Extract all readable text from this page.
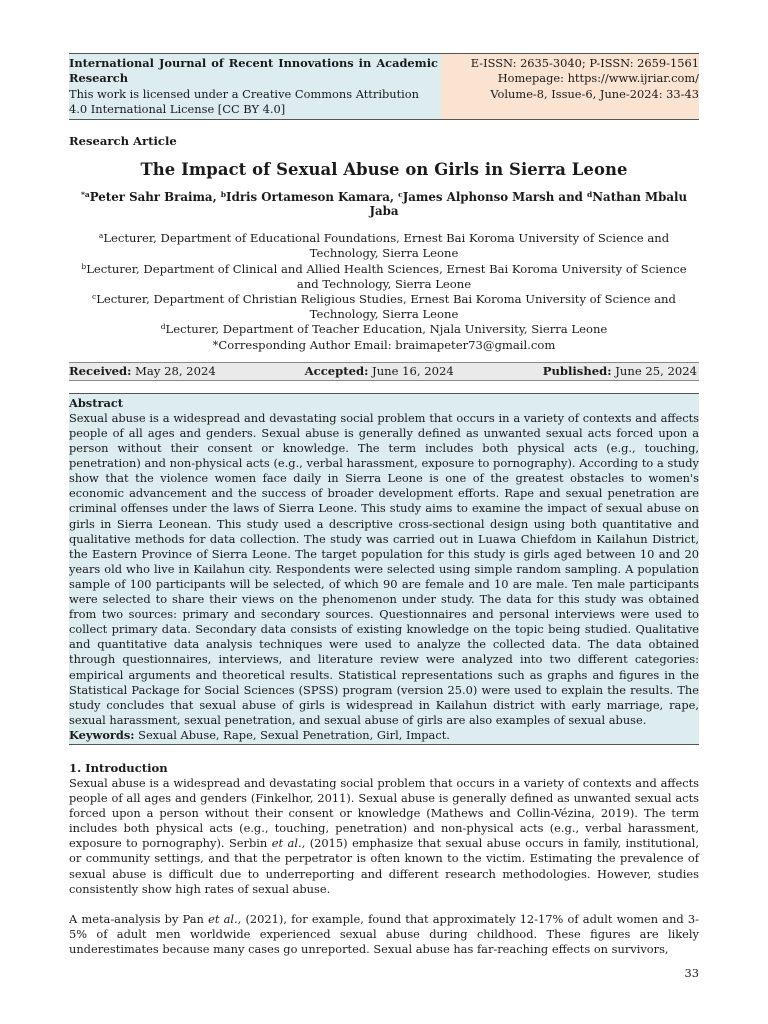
International Journal of Recent Innovations in Academic Research
This work is licensed under a Creative Commons Attribution 4.0 International License [CC BY 4.0]
E-ISSN: 2635-3040; P-ISSN: 2659-1561
Homepage: https://www.ijriar.com/
Volume-8, Issue-6, June-2024: 33-43
Research Article
The Impact of Sexual Abuse on Girls in Sierra Leone
$^{*a}$Peter Sahr Braima, $^b$Idris Ortameson Kamara, $^c$James Alphonso Marsh and $^d$Nathan Mbalu Jaba
$^a$Lecturer, Department of Educational Foundations, Ernest Bai Koroma University of Science and Technology, Sierra Leone
$^b$Lecturer, Department of Clinical and Allied Health Sciences, Ernest Bai Koroma University of Science and Technology, Sierra Leone
$^c$Lecturer, Department of Christian Religious Studies, Ernest Bai Koroma University of Science and Technology, Sierra Leone
$^d$Lecturer, Department of Teacher Education, Njala University, Sierra Leone
*Corresponding Author Email: braimapeter73@gmail.com
Received: May 28, 2024	Accepted: June 16, 2024	Published: June 25, 2024
Abstract
Sexual abuse is a widespread and devastating social problem that occurs in a variety of contexts and affects people of all ages and genders. Sexual abuse is generally defined as unwanted sexual acts forced upon a person without their consent or knowledge. The term includes both physical acts (e.g., touching, penetration) and non-physical acts (e.g., verbal harassment, exposure to pornography). According to a study show that the violence women face daily in Sierra Leone is one of the greatest obstacles to women's economic advancement and the success of broader development efforts. Rape and sexual penetration are criminal offenses under the laws of Sierra Leone. This study aims to examine the impact of sexual abuse on girls in Sierra Leonean. This study used a descriptive cross-sectional design using both quantitative and qualitative methods for data collection. The study was carried out in Luawa Chiefdom in Kailahun District, the Eastern Province of Sierra Leone. The target population for this study is girls aged between 10 and 20 years old who live in Kailahun city. Respondents were selected using simple random sampling. A population sample of 100 participants will be selected, of which 90 are female and 10 are male. Ten male participants were selected to share their views on the phenomenon under study. The data for this study was obtained from two sources: primary and secondary sources. Questionnaires and personal interviews were used to collect primary data. Secondary data consists of existing knowledge on the topic being studied. Qualitative and quantitative data analysis techniques were used to analyze the collected data. The data obtained through questionnaires, interviews, and literature review were analyzed into two different categories: empirical arguments and theoretical results. Statistical representations such as graphs and figures in the Statistical Package for Social Sciences (SPSS) program (version 25.0) were used to explain the results. The study concludes that sexual abuse of girls is widespread in Kailahun district with early marriage, rape, sexual harassment, sexual penetration, and sexual abuse of girls are also examples of sexual abuse.
Keywords: Sexual Abuse, Rape, Sexual Penetration, Girl, Impact.
1. Introduction
Sexual abuse is a widespread and devastating social problem that occurs in a variety of contexts and affects people of all ages and genders (Finkelhor, 2011). Sexual abuse is generally defined as unwanted sexual acts forced upon a person without their consent or knowledge (Mathews and Collin-Vézina, 2019). The term includes both physical acts (e.g., touching, penetration) and non-physical acts (e.g., verbal harassment, exposure to pornography). Serbin et al., (2015) emphasize that sexual abuse occurs in family, institutional, or community settings, and that the perpetrator is often known to the victim. Estimating the prevalence of sexual abuse is difficult due to underreporting and different research methodologies. However, studies consistently show high rates of sexual abuse.
A meta-analysis by Pan et al., (2021), for example, found that approximately 12-17% of adult women and 3-5% of adult men worldwide experienced sexual abuse during childhood. These figures are likely underestimates because many cases go unreported. Sexual abuse has far-reaching effects on survivors,
33
